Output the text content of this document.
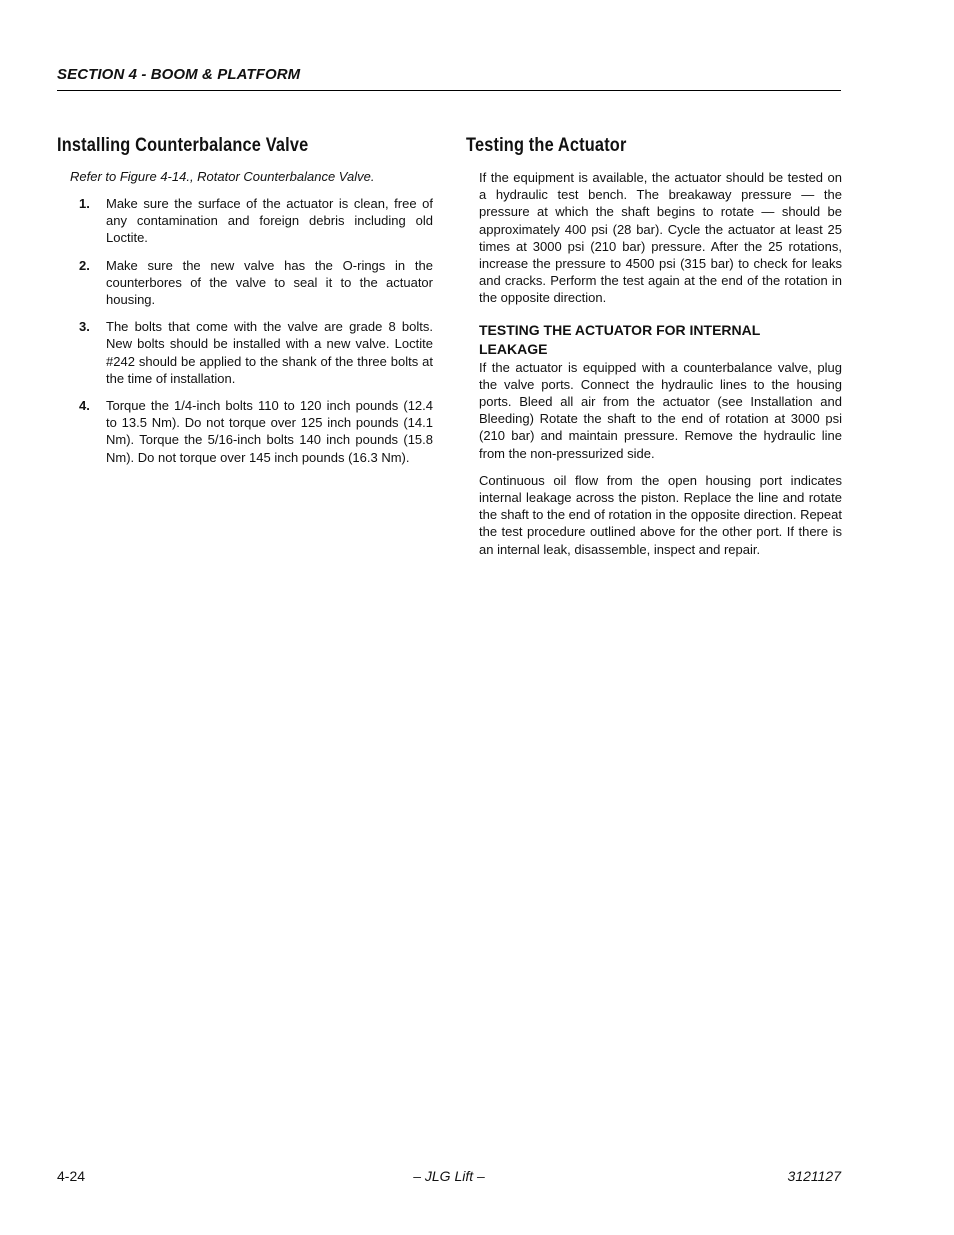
SECTION 4 - BOOM & PLATFORM
Installing Counterbalance Valve
Refer to Figure 4-14., Rotator Counterbalance Valve.
1.	Make sure the surface of the actuator is clean, free of any contamination and foreign debris including old Loctite.
2.	Make sure the new valve has the O-rings in the counterbores of the valve to seal it to the actuator housing.
3.	The bolts that come with the valve are grade 8 bolts. New bolts should be installed with a new valve. Loctite #242 should be applied to the shank of the three bolts at the time of installation.
4.	Torque the 1/4-inch bolts 110 to 120 inch pounds (12.4 to 13.5 Nm). Do not torque over 125 inch pounds (14.1 Nm). Torque the 5/16-inch bolts 140 inch pounds (15.8 Nm). Do not torque over 145 inch pounds (16.3 Nm).
Testing the Actuator

If the equipment is available, the actuator should be tested on a hydraulic test bench. The breakaway pressure — the pressure at which the shaft begins to rotate — should be approximately 400 psi (28 bar). Cycle the actuator at least 25 times at 3000 psi (210 bar) pressure. After the 25 rotations, increase the pressure to 4500 psi (315 bar) to check for leaks and cracks. Perform the test again at the end of the rotation in the opposite direction.

TESTING THE ACTUATOR FOR INTERNAL LEAKAGE

If the actuator is equipped with a counterbalance valve, plug the valve ports. Connect the hydraulic lines to the housing ports. Bleed all air from the actuator (see Installation and Bleeding) Rotate the shaft to the end of rotation at 3000 psi (210 bar) and maintain pressure. Remove the hydraulic line from the non-pressurized side.

Continuous oil flow from the open housing port indicates internal leakage across the piston. Replace the line and rotate the shaft to the end of rotation in the opposite direction. Repeat the test procedure outlined above for the other port. If there is an internal leak, disassemble, inspect and repair.

4-24	– JLG Lift –	3121127
